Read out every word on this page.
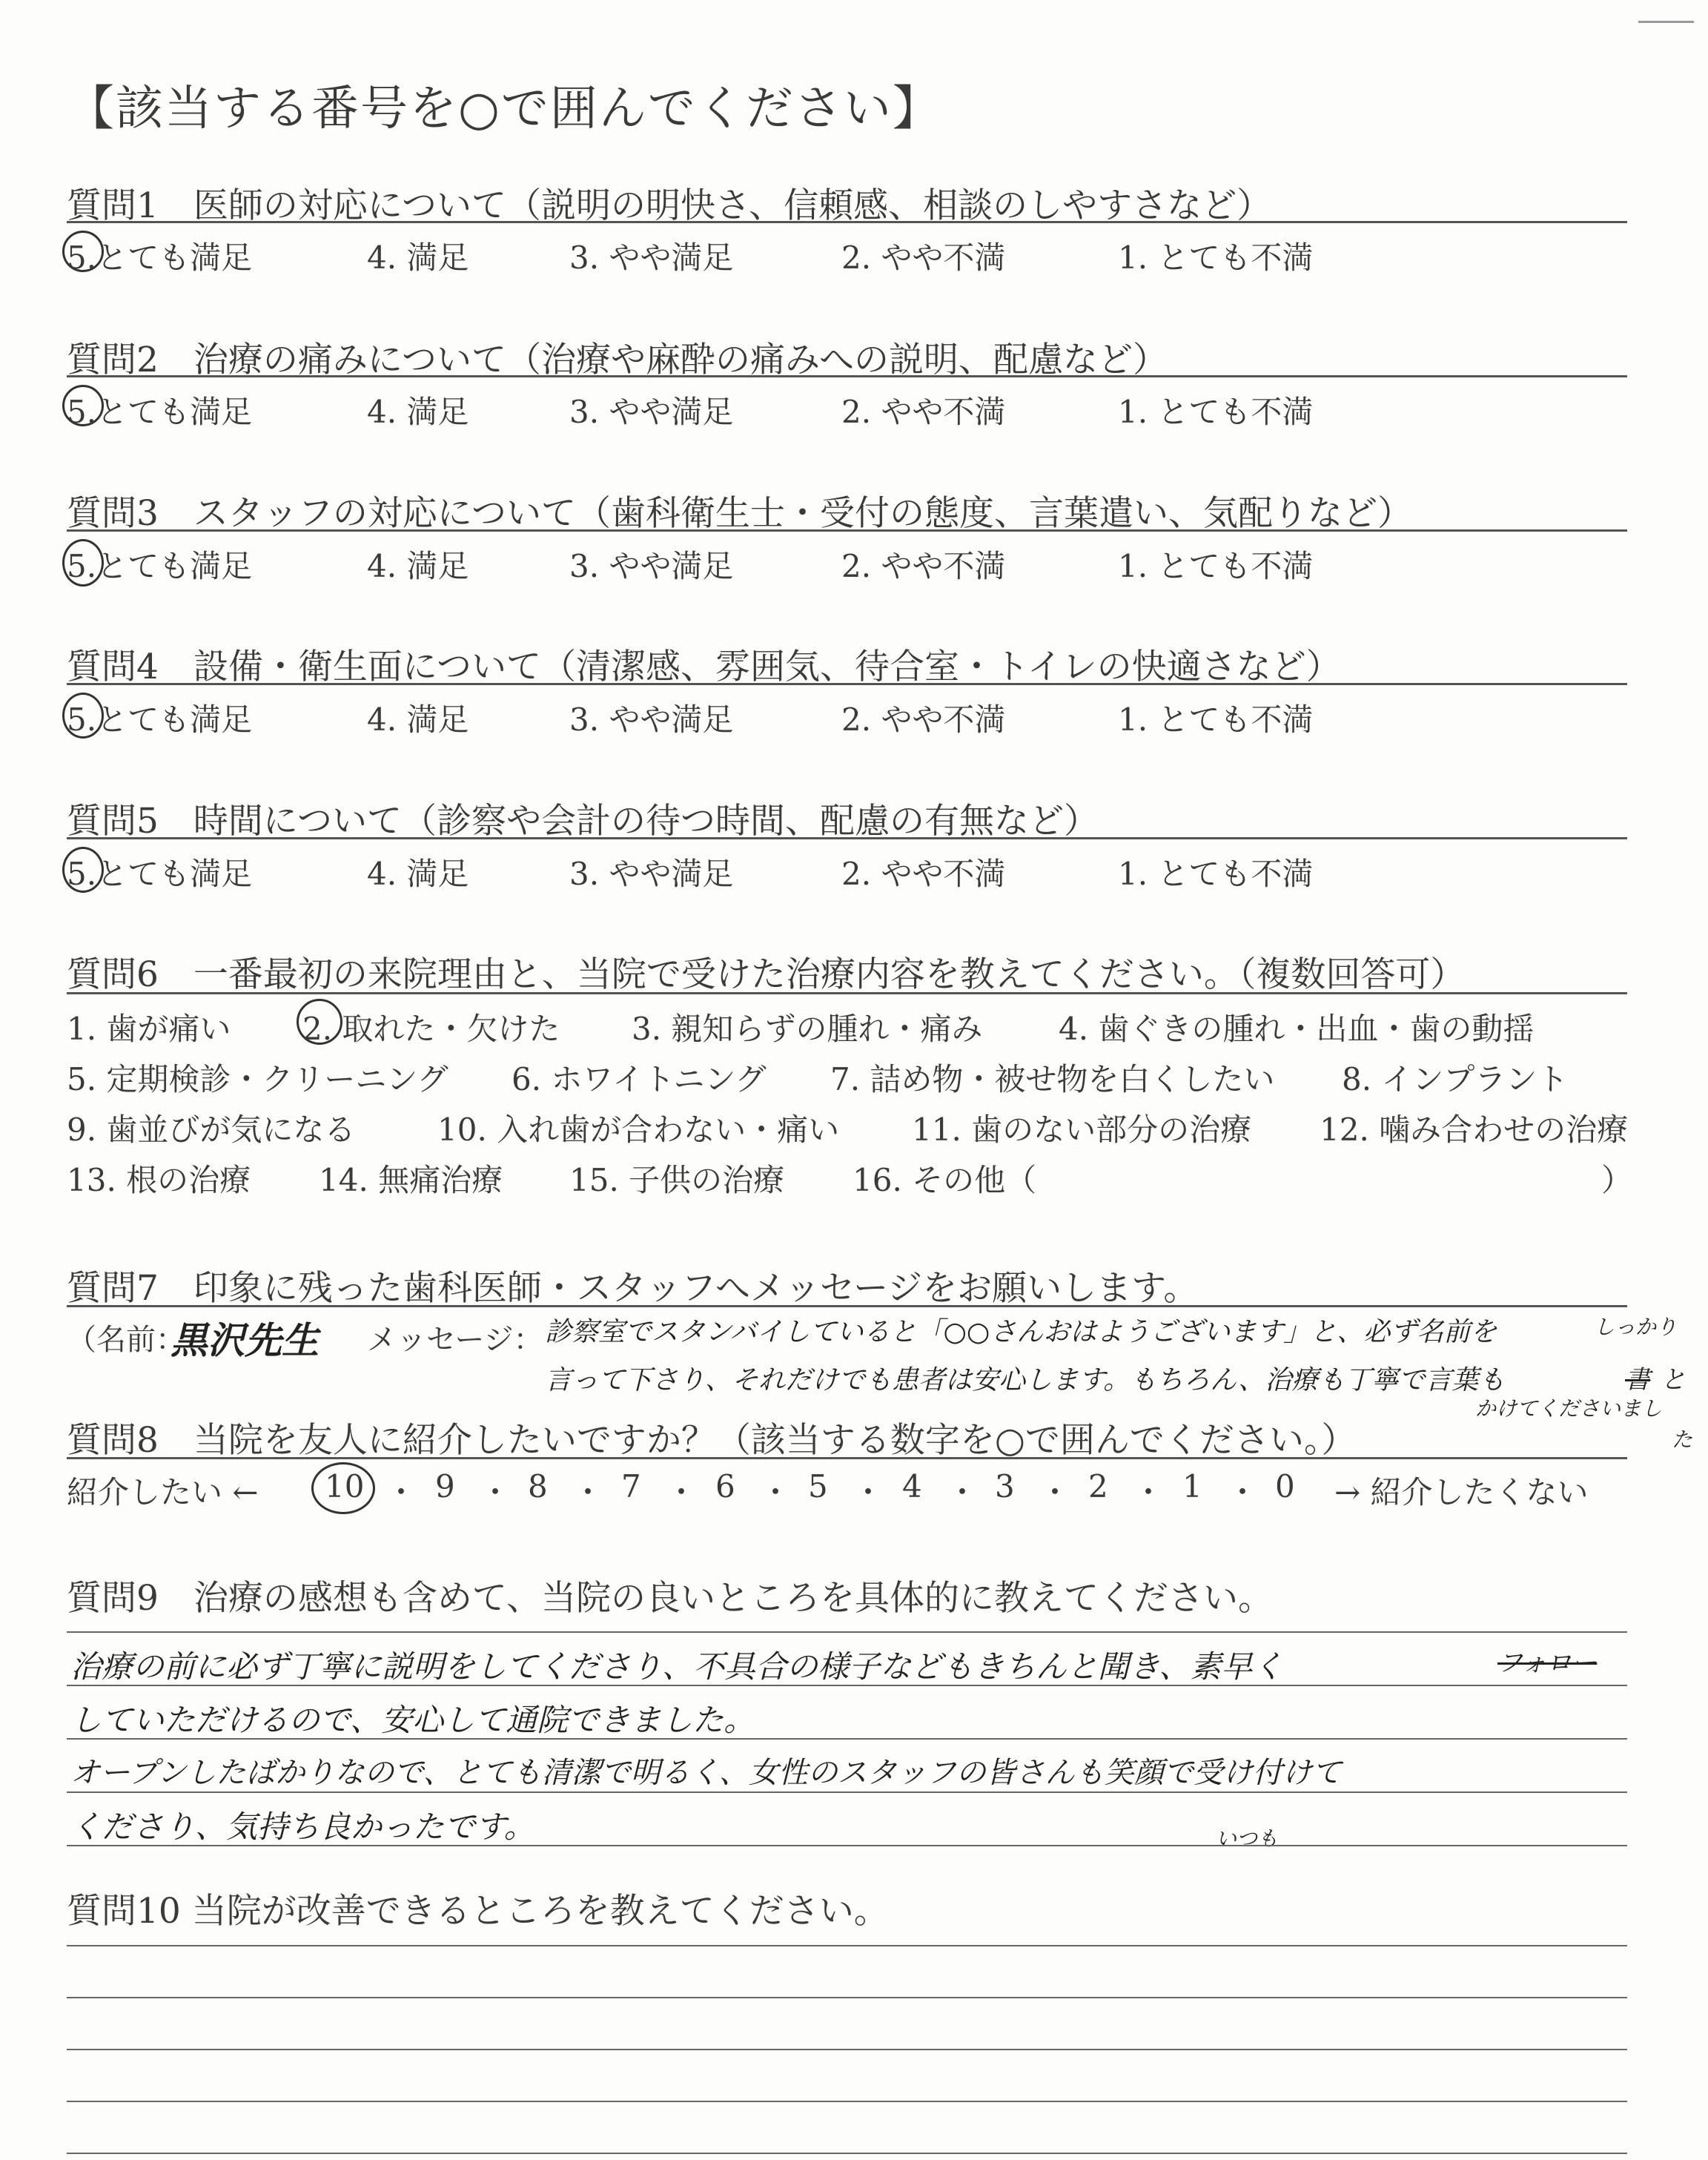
【該当する番号を○で囲んでください】
質問1　医師の対応について（説明の明快さ、信頼感、相談のしやすさなど）
5.とても満足	4. 満足	3. やや満足	2. やや不満	1. とても不満
質問2　治療の痛みについて（治療や麻酔の痛みへの説明、配慮など）
5.とても満足	4. 満足	3. やや満足	2. やや不満	1. とても不満
質問3　スタッフの対応について（歯科衛生士・受付の態度、言葉遣い、気配りなど）
5.とても満足	4. 満足	3. やや満足	2. やや不満	1. とても不満
質問4　設備・衛生面について（清潔感、雰囲気、待合室・トイレの快適さなど）
5.とても満足	4. 満足	3. やや満足	2. やや不満	1. とても不満
質問5　時間について（診察や会計の待つ時間、配慮の有無など）
5.とても満足	4. 満足	3. やや満足	2. やや不満	1. とても不満
質問6　一番最初の来院理由と、当院で受けた治療内容を教えてください。（複数回答可）
1. 歯が痛い 2. 取れた・欠けた 3. 親知らずの腫れ・痛み 4. 歯ぐきの腫れ・出血・歯の動揺
5. 定期検診・クリーニング 6. ホワイトニング 7. 詰め物・被せ物を白くしたい 8. インプラント
9. 歯並びが気になる	10. 入れ歯が合わない・痛い 11. 歯のない部分の治療 12. 噛み合わせの治療
13. 根の治療 14. 無痛治療 15. 子供の治療 16. その他（	）
質問7　印象に残った歯科医師・スタッフへメッセージをお願いします。
（名前：
黒沢先生 メッセージ： 診察室でスタンバイしていると「○○さんおはようございます」と、必ず名前を	しっかり
言って下さり、それだけでも患者は安心します。もちろん、治療も丁寧で言葉も	書 と
かけてくださいまし
た
質問8　当院を友人に紹介したいですか？（該当する数字を○で囲んでください。）
紹介したい ← 10 ・ 9 ・ 8 ・ 7 ・ 6 ・ 5 ・ 4 ・ 3 ・ 2 ・ 1 ・ 0 → 紹介したくない
質問9　治療の感想も含めて、当院の良いところを具体的に教えてください。
治療の前に必ず丁寧に説明をしてくださり、不具合の様子などもきちんと聞き、素早く	フォロー
していただけるので、安心して通院できました。
オープンしたばかりなので、とても清潔で明るく、女性のスタッフの皆さんも笑顔で受け付けて
くださり、気持ち良かったです。	いつも
質問10 当院が改善できるところを教えてください。
